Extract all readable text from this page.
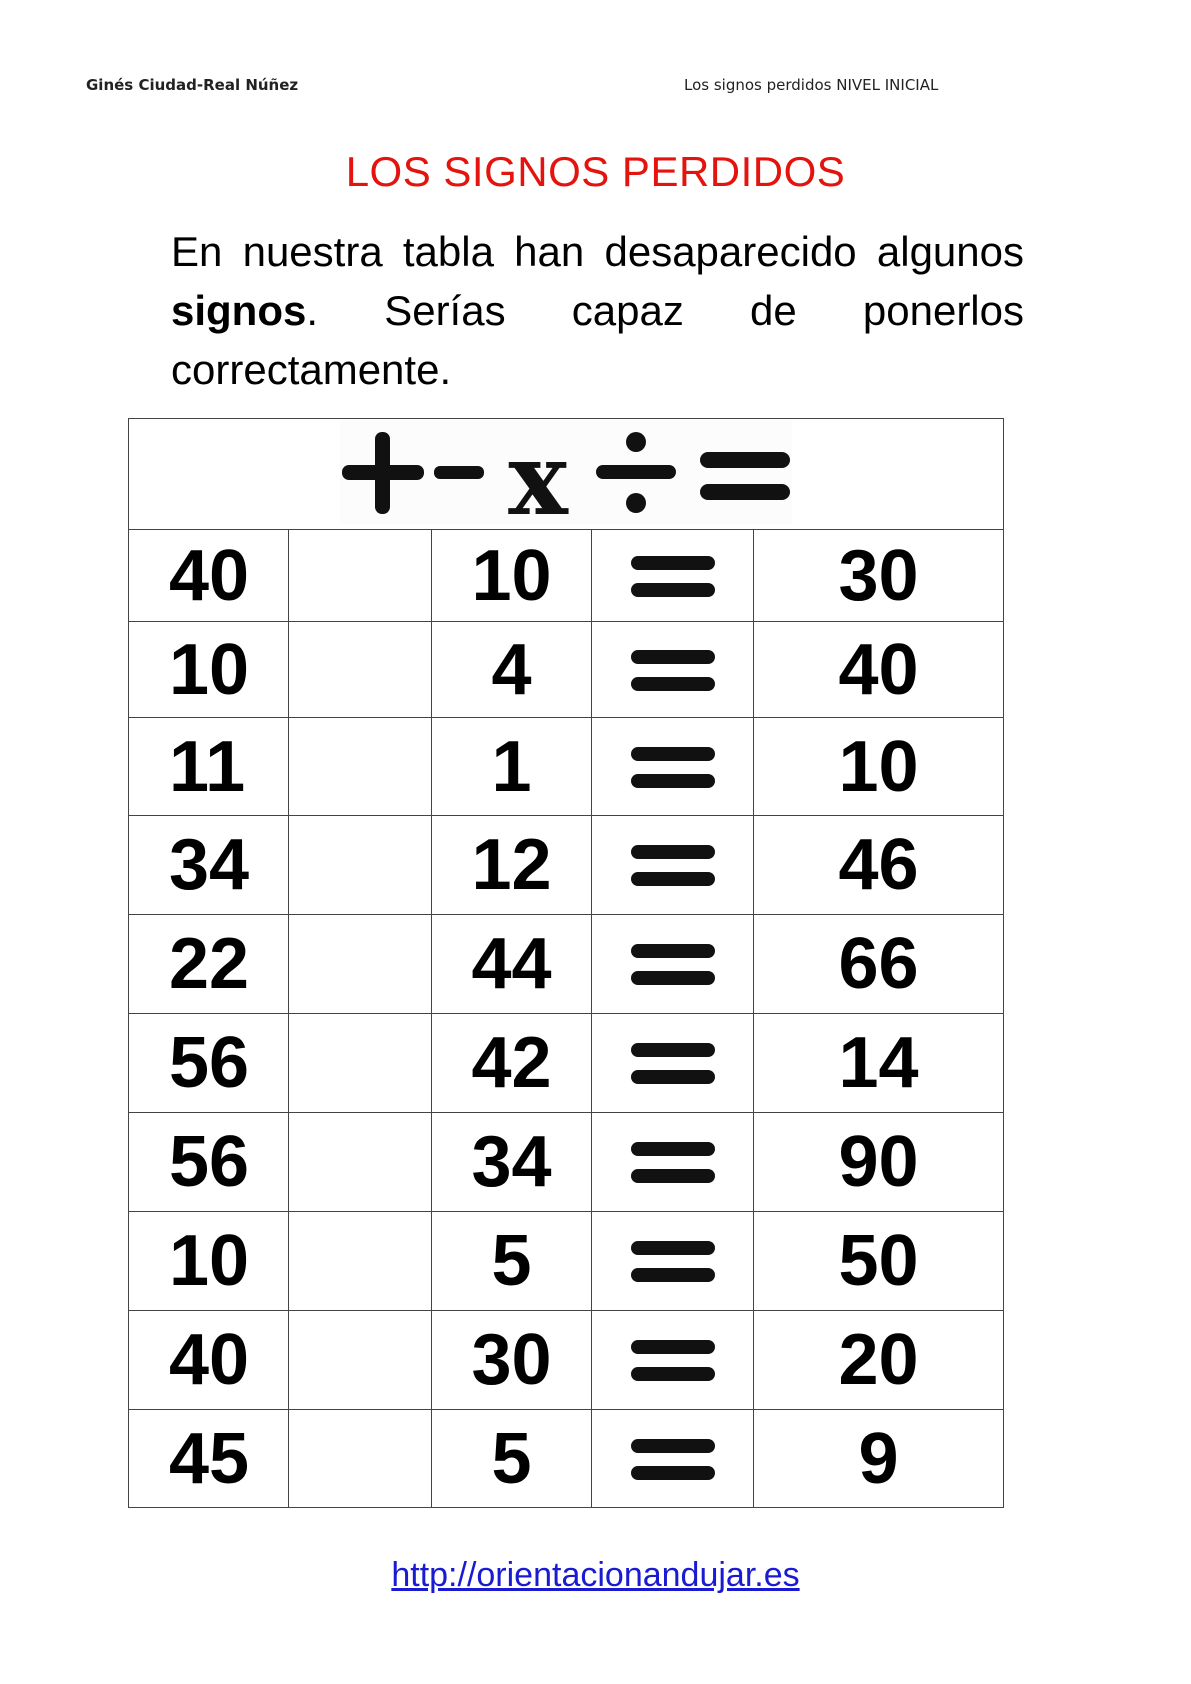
Ginés Ciudad-Real Núñez	Los signos perdidos NIVEL INICIAL
LOS SIGNOS PERDIDOS
En nuestra tabla han desaparecido algunos signos. Serías capaz de ponerlos correctamente.
x				

40		10		30
10		4		40
11		1		10
34		12		46
22		44		66
56		42		14
56		34		90
10		5		50
40		30		20
45		5		9
http://orientacionandujar.es
